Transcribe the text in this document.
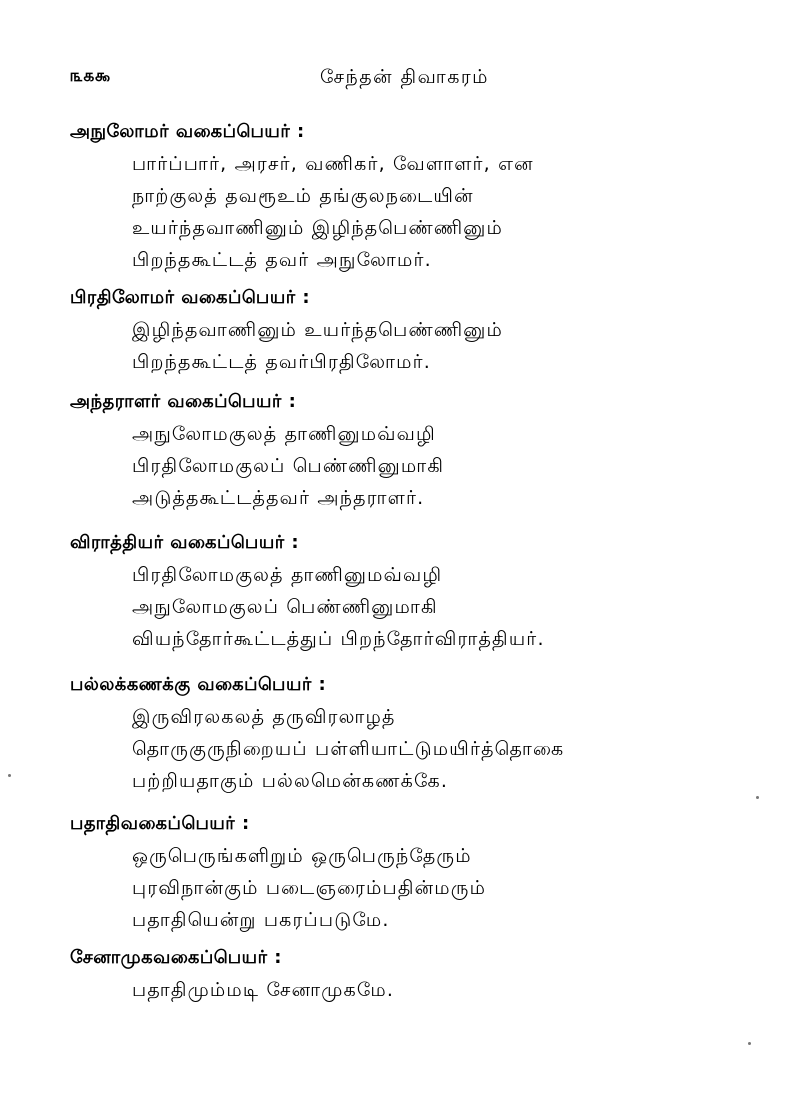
௩௧௯	சேந்தன் திவாகரம்
அநுலோமர் வகைப்பெயர் :
பார்ப்பார், அரசர், வணிகர், வேளாளர், என
நாற்குலத் தவரூஉம் தங்குலநடையின்
உயர்ந்தவாணினும் இழிந்தபெண்ணினும்
பிறந்தகூட்டத் தவர் அநுலோமர்.
பிரதிலோமர் வகைப்பெயர் :
இழிந்தவாணினும் உயர்ந்தபெண்ணினும்
பிறந்தகூட்டத் தவர்பிரதிலோமர்.
அந்தராளர் வகைப்பெயர் :
அநுலோமகுலத் தாணினுமவ்வழி
பிரதிலோமகுலப் பெண்ணினுமாகி
அடுத்தகூட்டத்தவர் அந்தராளர்.
விராத்தியர் வகைப்பெயர் :
பிரதிலோமகுலத் தாணினுமவ்வழி
அநுலோமகுலப் பெண்ணினுமாகி
வியந்தோர்கூட்டத்துப் பிறந்தோர்விராத்தியர்.
பல்லக்கணக்கு வகைப்பெயர் :
இருவிரலகலத் தருவிரலாழத்
தொருகுருநிறையப் பள்ளியாட்டுமயிர்த்தொகை
பற்றியதாகும் பல்லமென்கணக்கே.
பதாதிவகைப்பெயர் :
ஒருபெருங்களிறும் ஒருபெருந்தேரும்
புரவிநான்கும் படைஞரைம்பதின்மரும்
பதாதியென்று பகரப்படுமே.
சேனாமுகவகைப்பெயர் :
பதாதிமும்மடி சேனாமுகமே.
